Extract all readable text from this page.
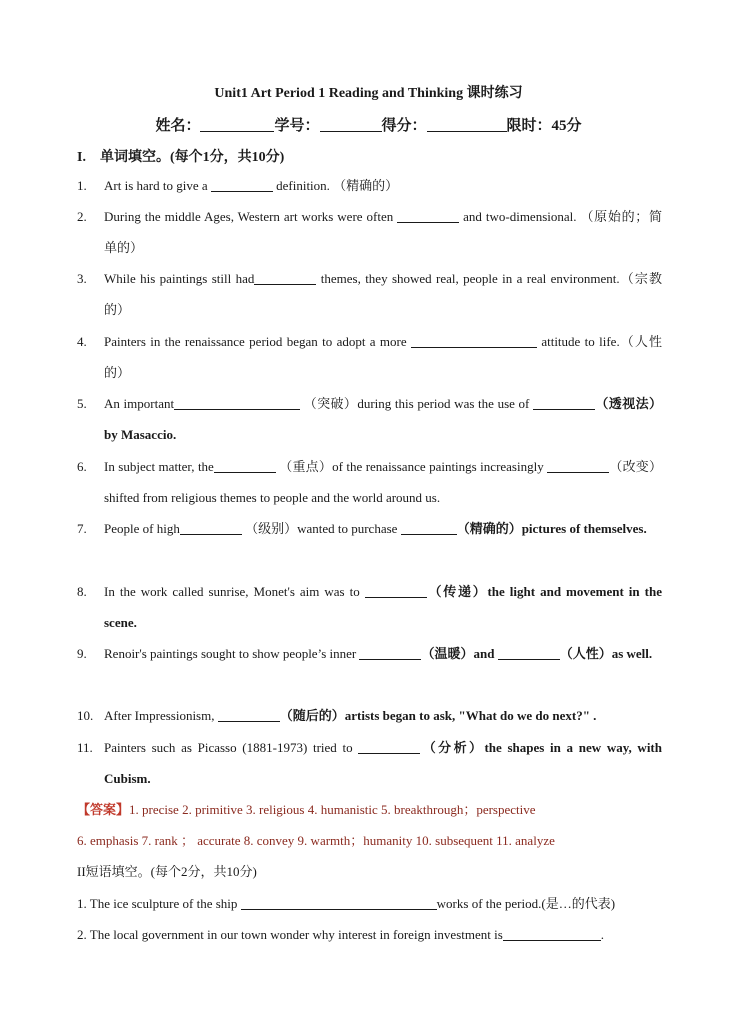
Unit1 Art Period 1 Reading and Thinking 课时练习
姓名：	学号：	得分：	限时：45分
I.　单词填空。(每个1分，共10分)
1. Art is hard to give a	definition. （精确的）
2. During the middle Ages, Western art works were often	and two-dimensional. （原始的；简单的）
3. While his paintings still had	themes, they showed real, people in a real environment.（宗教的）
4. Painters in the renaissance period began to adopt a more	attitude to life.（人性的）
5. An important	（突破）during this period was the use of	（透视法）by Masaccio.
6. In subject matter, the	（重点）of the renaissance paintings increasingly	（改变）shifted from religious themes to people and the world around us.
7. People of high	（级别）wanted to purchase	（精确的）pictures of themselves.
8. In the work called sunrise, Monet's aim was to	（传递）the light and movement in the scene.
9. Renoir's paintings sought to show people’s inner	（温暖）and	（人性）as well.
10. After Impressionism,	（随后的）artists began to ask, "What do we do next?" .
11. Painters such as Picasso (1881-1973) tried to	（分析）the shapes in a new way, with Cubism.
【答案】1. precise 2. primitive 3. religious 4. humanistic 5. breakthrough；perspective
6. emphasis 7. rank ； accurate 8. convey 9. warmth；humanity 10. subsequent 11. analyze
II短语填空。(每个2分，共10分)
1. The ice sculpture of the ship	works of the period.(是…的代表)
2. The local government in our town wonder why interest in foreign investment is	.
